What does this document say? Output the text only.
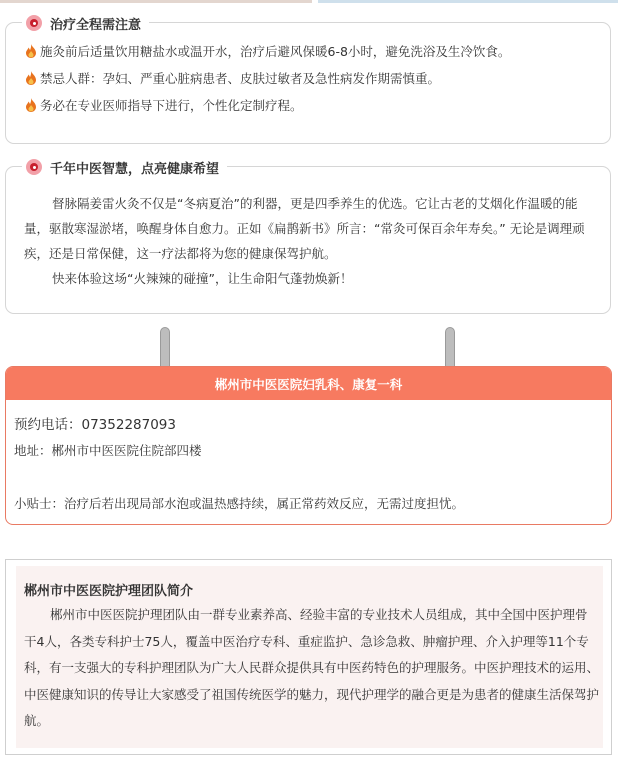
施灸前后适量饮用糖盐水或温开水，治疗后避风保暖6-8小时，避免洗浴及生冷饮食。
禁忌人群：孕妇、严重心脏病患者、皮肤过敏者及急性病发作期需慎重。
务必在专业医师指导下进行，个性化定制疗程。
治疗全程需注意
千年中医智慧，点亮健康希望

督脉隔姜雷火灸不仅是“冬病夏治”的利器，更是四季养生的优选。它让古老的艾烟化作温暖的能量，驱散寒湿淤堵，唤醒身体自愈力。正如《扁鹊新书》所言：“常灸可保百余年寿矣。” 无论是调理顽疾，还是日常保健，这一疗法都将为您的健康保驾护航。

快来体验这场“火辣辣的碰撞”，让生命阳气蓬勃焕新！

郴州市中医医院妇乳科、康复一科
预约电话：07352287093
地址：郴州市中医医院住院部四楼
小贴士：治疗后若出现局部水泡或温热感持续，属正常药效反应，无需过度担忧。
郴州市中医医院护理团队简介

郴州市中医医院护理团队由一群专业素养高、经验丰富的专业技术人员组成，其中全国中医护理骨干4人，各类专科护士75人，覆盖中医治疗专科、重症监护、急诊急救、肿瘤护理、介入护理等11个专科，有一支强大的专科护理团队为广大人民群众提供具有中医药特色的护理服务。中医护理技术的运用、中医健康知识的传导让大家感受了祖国传统医学的魅力，现代护理学的融合更是为患者的健康生活保驾护航。
